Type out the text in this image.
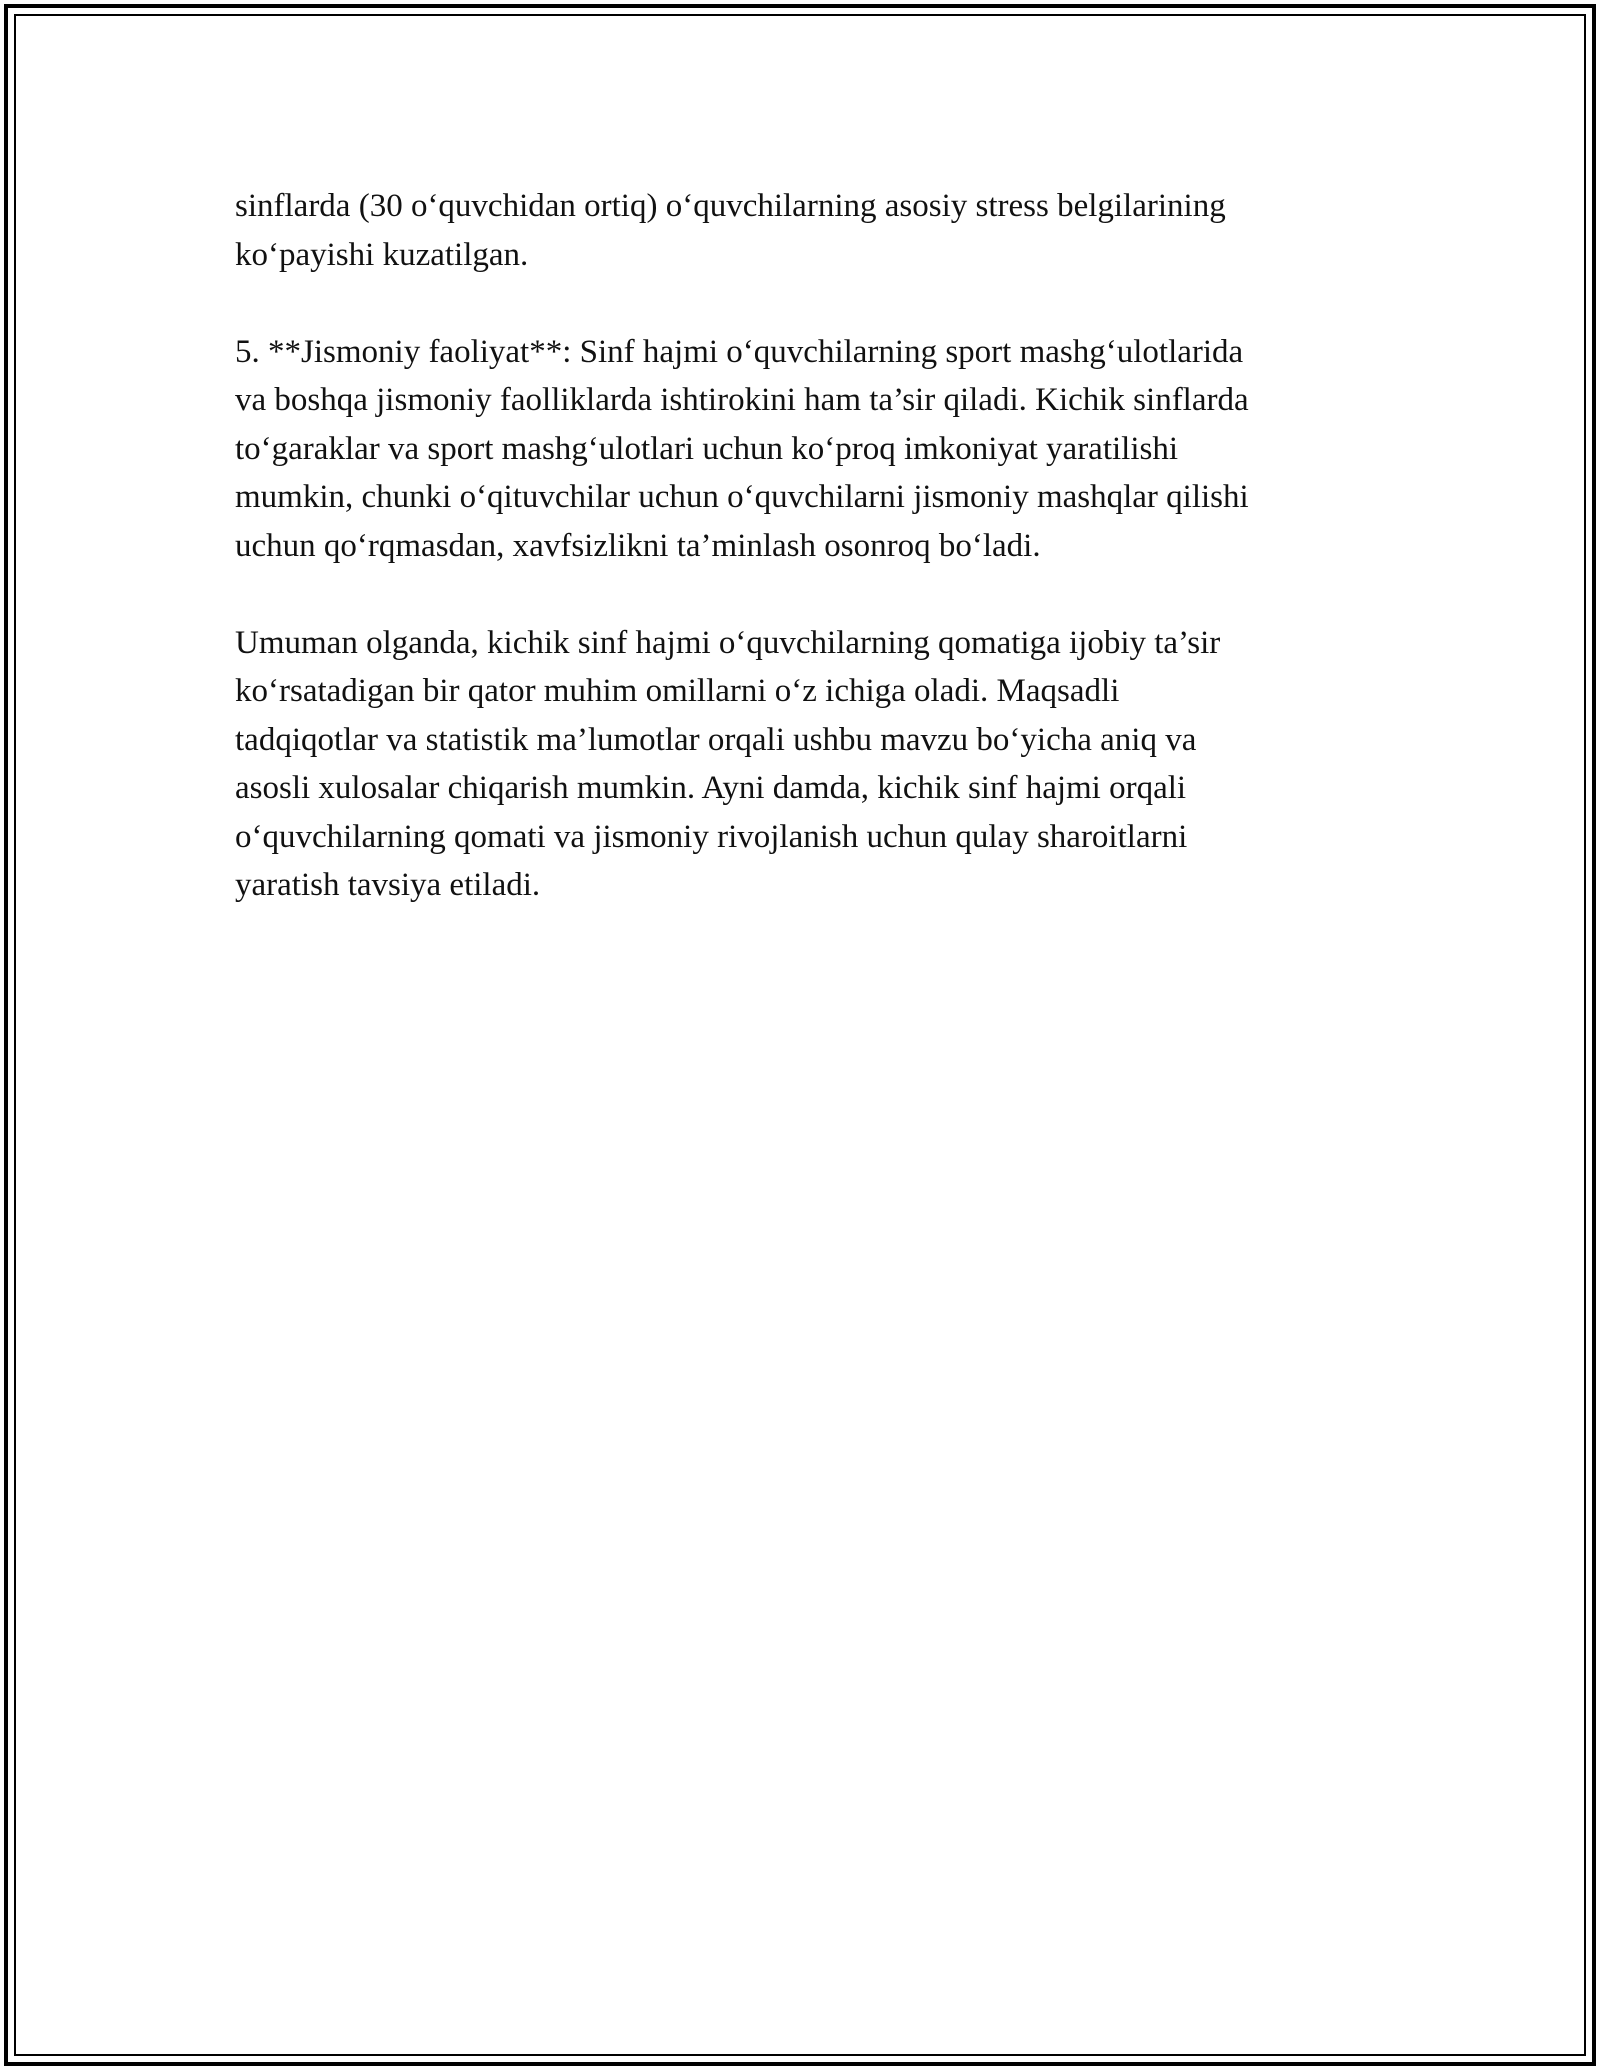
sinflarda (30 o‘quvchidan ortiq) o‘quvchilarning asosiy stress belgilarining
ko‘payishi kuzatilgan.

5. **Jismoniy faoliyat**: Sinf hajmi o‘quvchilarning sport mashg‘ulotlarida
va boshqa jismoniy faolliklarda ishtirokini ham ta’sir qiladi. Kichik sinflarda
to‘garaklar va sport mashg‘ulotlari uchun ko‘proq imkoniyat yaratilishi
mumkin, chunki o‘qituvchilar uchun o‘quvchilarni jismoniy mashqlar qilishi
uchun qo‘rqmasdan, xavfsizlikni ta’minlash osonroq bo‘ladi.

Umuman olganda, kichik sinf hajmi o‘quvchilarning qomatiga ijobiy ta’sir
ko‘rsatadigan bir qator muhim omillarni o‘z ichiga oladi. Maqsadli
tadqiqotlar va statistik ma’lumotlar orqali ushbu mavzu bo‘yicha aniq va
asosli xulosalar chiqarish mumkin. Ayni damda, kichik sinf hajmi orqali
o‘quvchilarning qomati va jismoniy rivojlanish uchun qulay sharoitlarni
yaratish tavsiya etiladi.
